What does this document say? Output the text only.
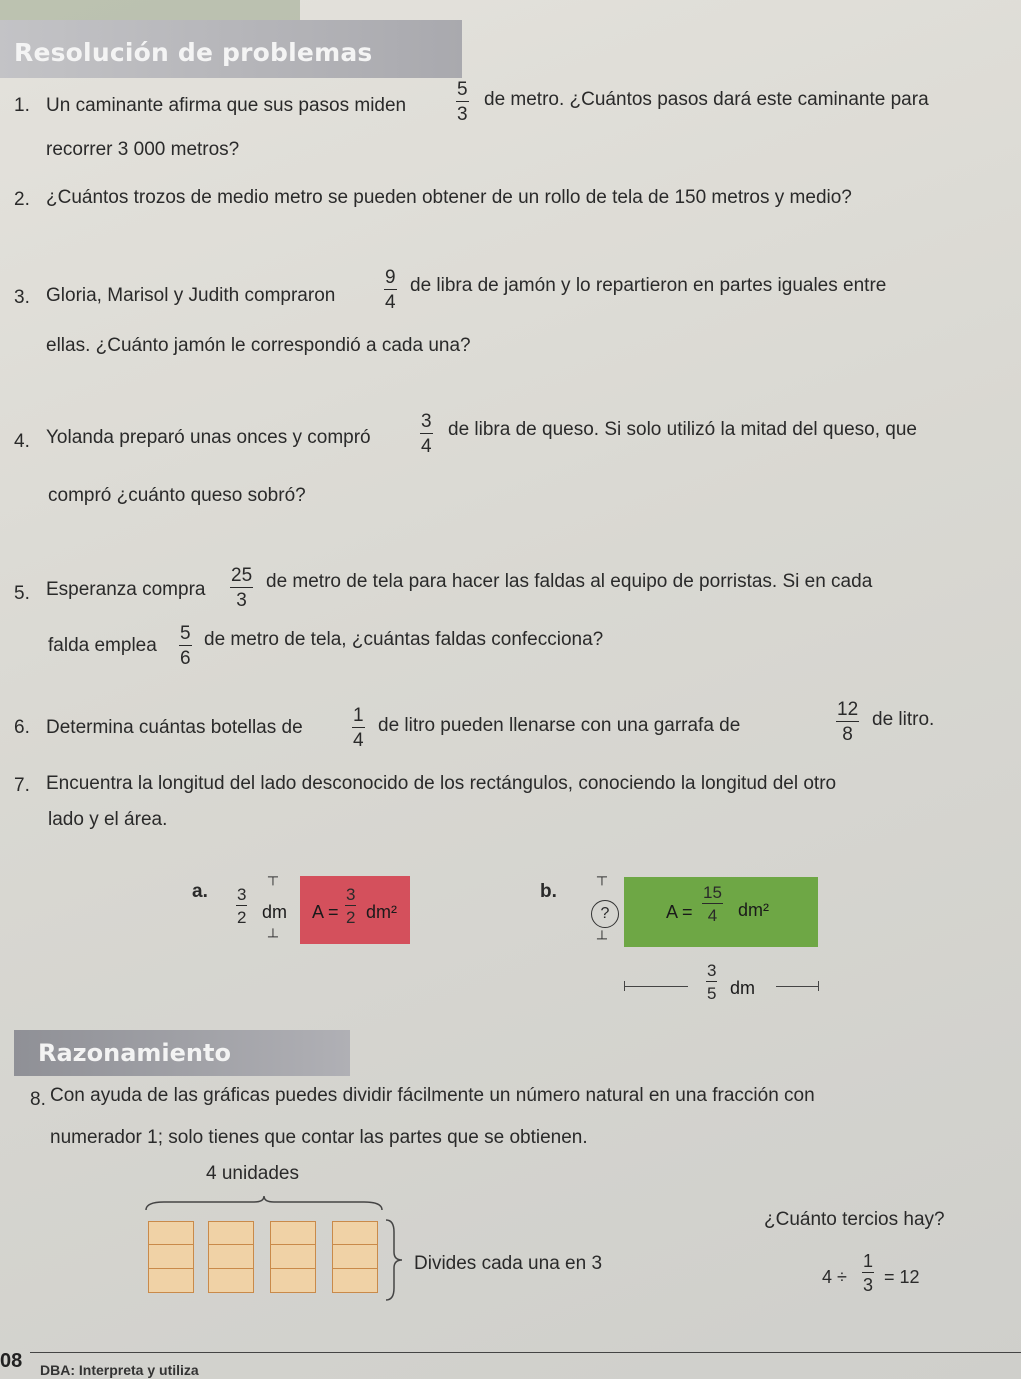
Resolución de problemas
1. Un caminante afirma que sus pasos miden	$\frac{5}{3}$ de metro. ¿Cuántos pasos dará este caminante para
recorrer 3 000 metros?
2. ¿Cuántos trozos de medio metro se pueden obtener de un rollo de tela de 150 metros y medio?
3. Gloria, Marisol y Judith compraron	$\frac{9}{4}$ de libra de jamón y lo repartieron en partes iguales entre
ellas. ¿Cuánto jamón le correspondió a cada una?
4. Yolanda preparó unas onces y compró	$\frac{3}{4}$ de libra de queso. Si solo utilizó la mitad del queso, que
compró ¿cuánto queso sobró?
5. Esperanza compra $\frac{25}{3}$ de metro de tela para hacer las faldas al equipo de porristas. Si en cada
falda emplea $\frac{5}{6}$ de metro de tela, ¿cuántas faldas confecciona?
6. Determina cuántas botellas de	$\frac{1}{4}$ de litro pueden llenarse con una garrafa de	$\frac{12}{8}$ de litro.
7. Encuentra la longitud del lado desconocido de los rectángulos, conociendo la longitud del otro
lado y el área.
a. $\frac{3}{2}$ dm
┬
┴
$A = \frac{3}{2} dm^2$
b.
┬
?
┴
$A = \frac{15}{4} dm^2$
$\frac{3}{5}$ dm
Razonamiento
8. Con ayuda de las gráficas puedes dividir fácilmente un número natural en una fracción con
numerador 1; solo tienes que contar las partes que se obtienen.
4 unidades
Divides cada una en 3
¿Cuánto tercios hay?
$4 \div \frac{1}{3} = 12$
08 DBA: Interpreta y utiliza
